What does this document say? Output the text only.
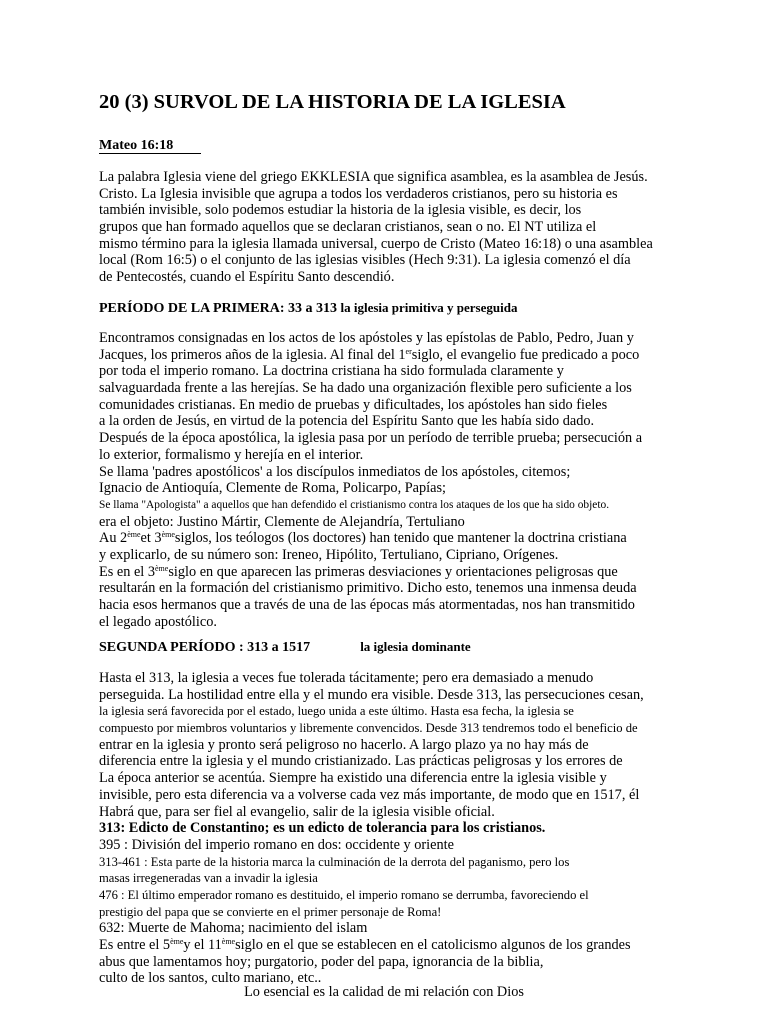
20 (3) SURVOL DE LA HISTORIA DE LA IGLESIA
Mateo 16:18
La palabra Iglesia viene del griego EKKLESIA que significa asamblea, es la asamblea de Jesús.
Cristo. La Iglesia invisible que agrupa a todos los verdaderos cristianos, pero su historia es
también invisible, solo podemos estudiar la historia de la iglesia visible, es decir, los
grupos que han formado aquellos que se declaran cristianos, sean o no. El NT utiliza el
mismo término para la iglesia llamada universal, cuerpo de Cristo (Mateo 16:18) o una asamblea
local (Rom 16:5) o el conjunto de las iglesias visibles (Hech 9:31). La iglesia comenzó el día
de Pentecostés, cuando el Espíritu Santo descendió.
PERÍODO DE LA PRIMERA: 33 a 313 la iglesia primitiva y perseguida
Encontramos consignadas en los actos de los apóstoles y las epístolas de Pablo, Pedro, Juan y
Jacques, los primeros años de la iglesia. Al final del 1ersiglo, el evangelio fue predicado a poco
por toda el imperio romano. La doctrina cristiana ha sido formulada claramente y
salvaguardada frente a las herejías. Se ha dado una organización flexible pero suficiente a los
comunidades cristianas. En medio de pruebas y dificultades, los apóstoles han sido fieles
a la orden de Jesús, en virtud de la potencia del Espíritu Santo que les había sido dado.
Después de la época apostólica, la iglesia pasa por un período de terrible prueba; persecución a
lo exterior, formalismo y herejía en el interior.
Se llama 'padres apostólicos' a los discípulos inmediatos de los apóstoles, citemos;
Ignacio de Antioquía, Clemente de Roma, Policarpo, Papías;
Se llama "Apologista" a aquellos que han defendido el cristianismo contra los ataques de los que ha sido objeto.
era el objeto: Justino Mártir, Clemente de Alejandría, Tertuliano
Au 2èmeet 3èmesiglos, los teólogos (los doctores) han tenido que mantener la doctrina cristiana
y explicarlo, de su número son: Ireneo, Hipólito, Tertuliano, Cipriano, Orígenes.
Es en el 3èmesiglo en que aparecen las primeras desviaciones y orientaciones peligrosas que
resultarán en la formación del cristianismo primitivo. Dicho esto, tenemos una inmensa deuda
hacia esos hermanos que a través de una de las épocas más atormentadas, nos han transmitido
el legado apostólico.
SEGUNDA PERÍODO : 313 a 1517	la iglesia dominante
Hasta el 313, la iglesia a veces fue tolerada tácitamente; pero era demasiado a menudo
perseguida. La hostilidad entre ella y el mundo era visible. Desde 313, las persecuciones cesan,
la iglesia será favorecida por el estado, luego unida a este último. Hasta esa fecha, la iglesia se
compuesto por miembros voluntarios y libremente convencidos. Desde 313 tendremos todo el beneficio de
entrar en la iglesia y pronto será peligroso no hacerlo. A largo plazo ya no hay más de
diferencia entre la iglesia y el mundo cristianizado. Las prácticas peligrosas y los errores de
La época anterior se acentúa. Siempre ha existido una diferencia entre la iglesia visible y
invisible, pero esta diferencia va a volverse cada vez más importante, de modo que en 1517, él
Habrá que, para ser fiel al evangelio, salir de la iglesia visible oficial.
313: Edicto de Constantino; es un edicto de tolerancia para los cristianos.
395 : División del imperio romano en dos: occidente y oriente
313-461 : Esta parte de la historia marca la culminación de la derrota del paganismo, pero los
masas irregeneradas van a invadir la iglesia
476 : El último emperador romano es destituido, el imperio romano se derrumba, favoreciendo el
prestigio del papa que se convierte en el primer personaje de Roma!
632: Muerte de Mahoma; nacimiento del islam
Es entre el 5èmey el 11èmesiglo en el que se establecen en el catolicismo algunos de los grandes
abus que lamentamos hoy; purgatorio, poder del papa, ignorancia de la biblia,
culto de los santos, culto mariano, etc..
Lo esencial es la calidad de mi relación con Dios
